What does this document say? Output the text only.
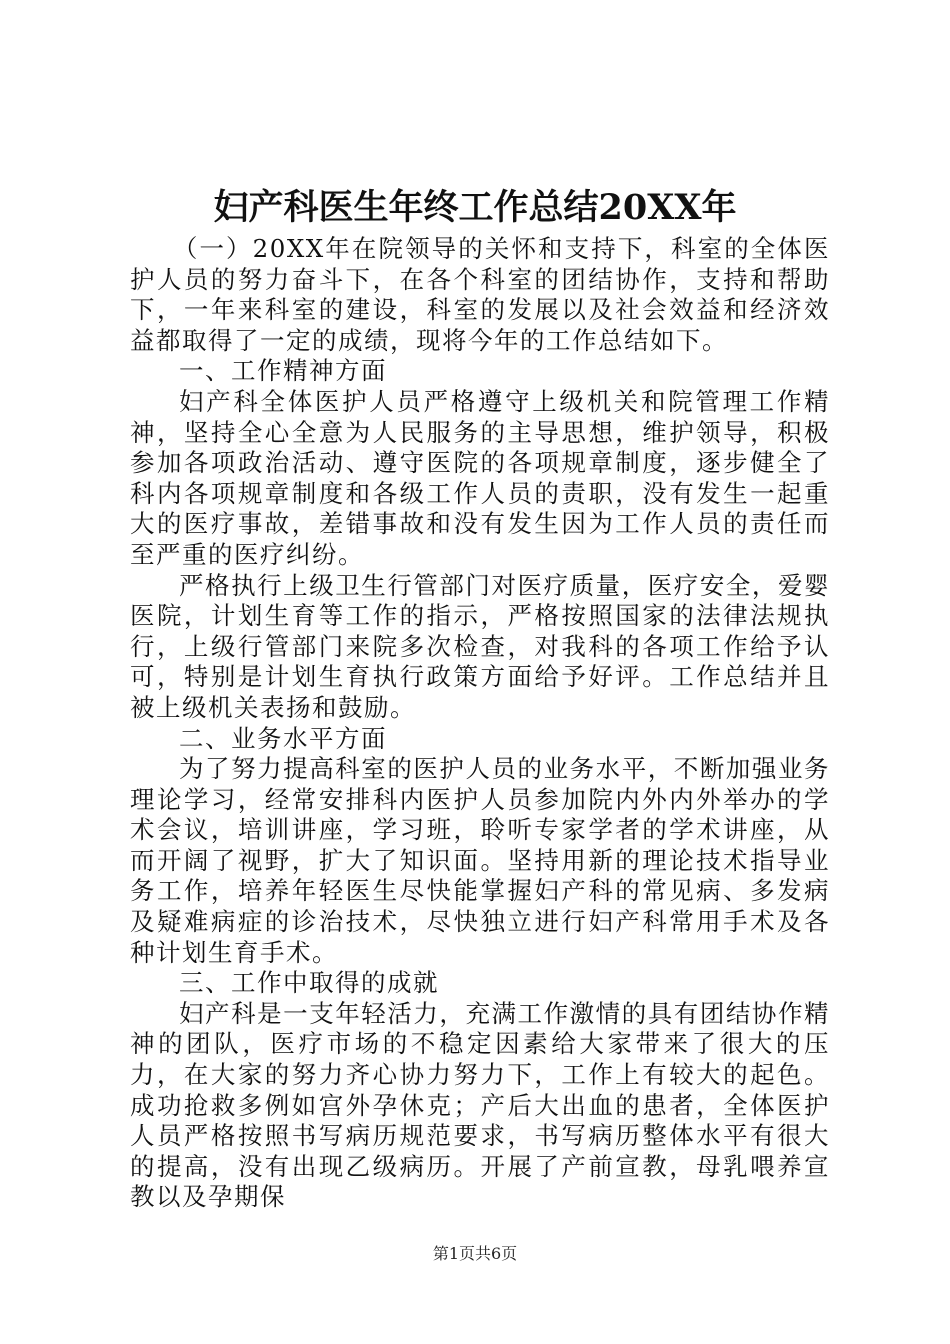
妇产科医生年终工作总结20XX年

（一）20XX年在院领导的关怀和支持下，科室的全体医护人员的努力奋斗下，在各个科室的团结协作，支持和帮助下，一年来科室的建设，科室的发展以及社会效益和经济效益都取得了一定的成绩，现将今年的工作总结如下。

一、工作精神方面

妇产科全体医护人员严格遵守上级机关和院管理工作精神，坚持全心全意为人民服务的主导思想，维护领导，积极参加各项政治活动、遵守医院的各项规章制度，逐步健全了科内各项规章制度和各级工作人员的责职，没有发生一起重大的医疗事故，差错事故和没有发生因为工作人员的责任而至严重的医疗纠纷。

严格执行上级卫生行管部门对医疗质量，医疗安全，爱婴医院，计划生育等工作的指示，严格按照国家的法律法规执行，上级行管部门来院多次检查，对我科的各项工作给予认可，特别是计划生育执行政策方面给予好评。工作总结并且被上级机关表扬和鼓励。

二、业务水平方面

为了努力提高科室的医护人员的业务水平，不断加强业务理论学习，经常安排科内医护人员参加院内外内外举办的学术会议，培训讲座，学习班，聆听专家学者的学术讲座，从而开阔了视野，扩大了知识面。坚持用新的理论技术指导业务工作，培养年轻医生尽快能掌握妇产科的常见病、多发病及疑难病症的诊治技术，尽快独立进行妇产科常用手术及各种计划生育手术。

三、工作中取得的成就

妇产科是一支年轻活力，充满工作激情的具有团结协作精神的团队，医疗市场的不稳定因素给大家带来了很大的压力，在大家的努力齐心协力努力下，工作上有较大的起色。成功抢救多例如宫外孕休克；产后大出血的患者，全体医护人员严格按照书写病历规范要求，书写病历整体水平有很大的提高，没有出现乙级病历。开展了产前宣教，母乳喂养宣教以及孕期保

第1页共6页
